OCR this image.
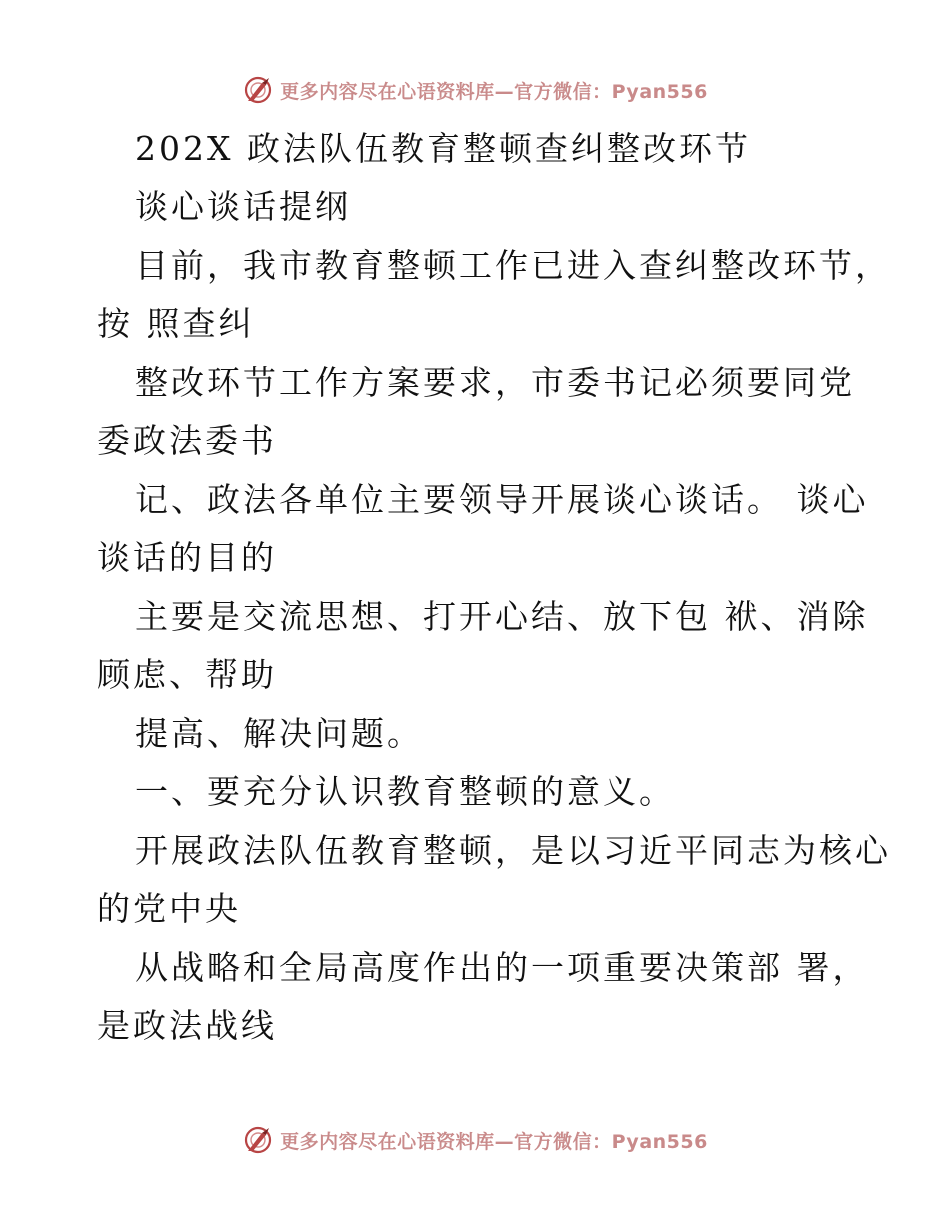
更多内容尽在心语资料库—官方微信：Pyan556
202X 政法队伍教育整顿查纠整改环节
谈心谈话提纲
目前，我市教育整顿工作已进入查纠整改环节，
按 照查纠
整改环节工作方案要求，市委书记必须要同党
委政法委书
记、政法各单位主要领导开展谈心谈话。 谈心
谈话的目的
主要是交流思想、打开心结、放下包 袱、消除
顾虑、帮助
提高、解决问题。
一、要充分认识教育整顿的意义。
开展政法队伍教育整顿，是以习近平同志为核心
的党中央
从战略和全局高度作出的一项重要决策部 署，
是政法战线
更多内容尽在心语资料库—官方微信：Pyan556
